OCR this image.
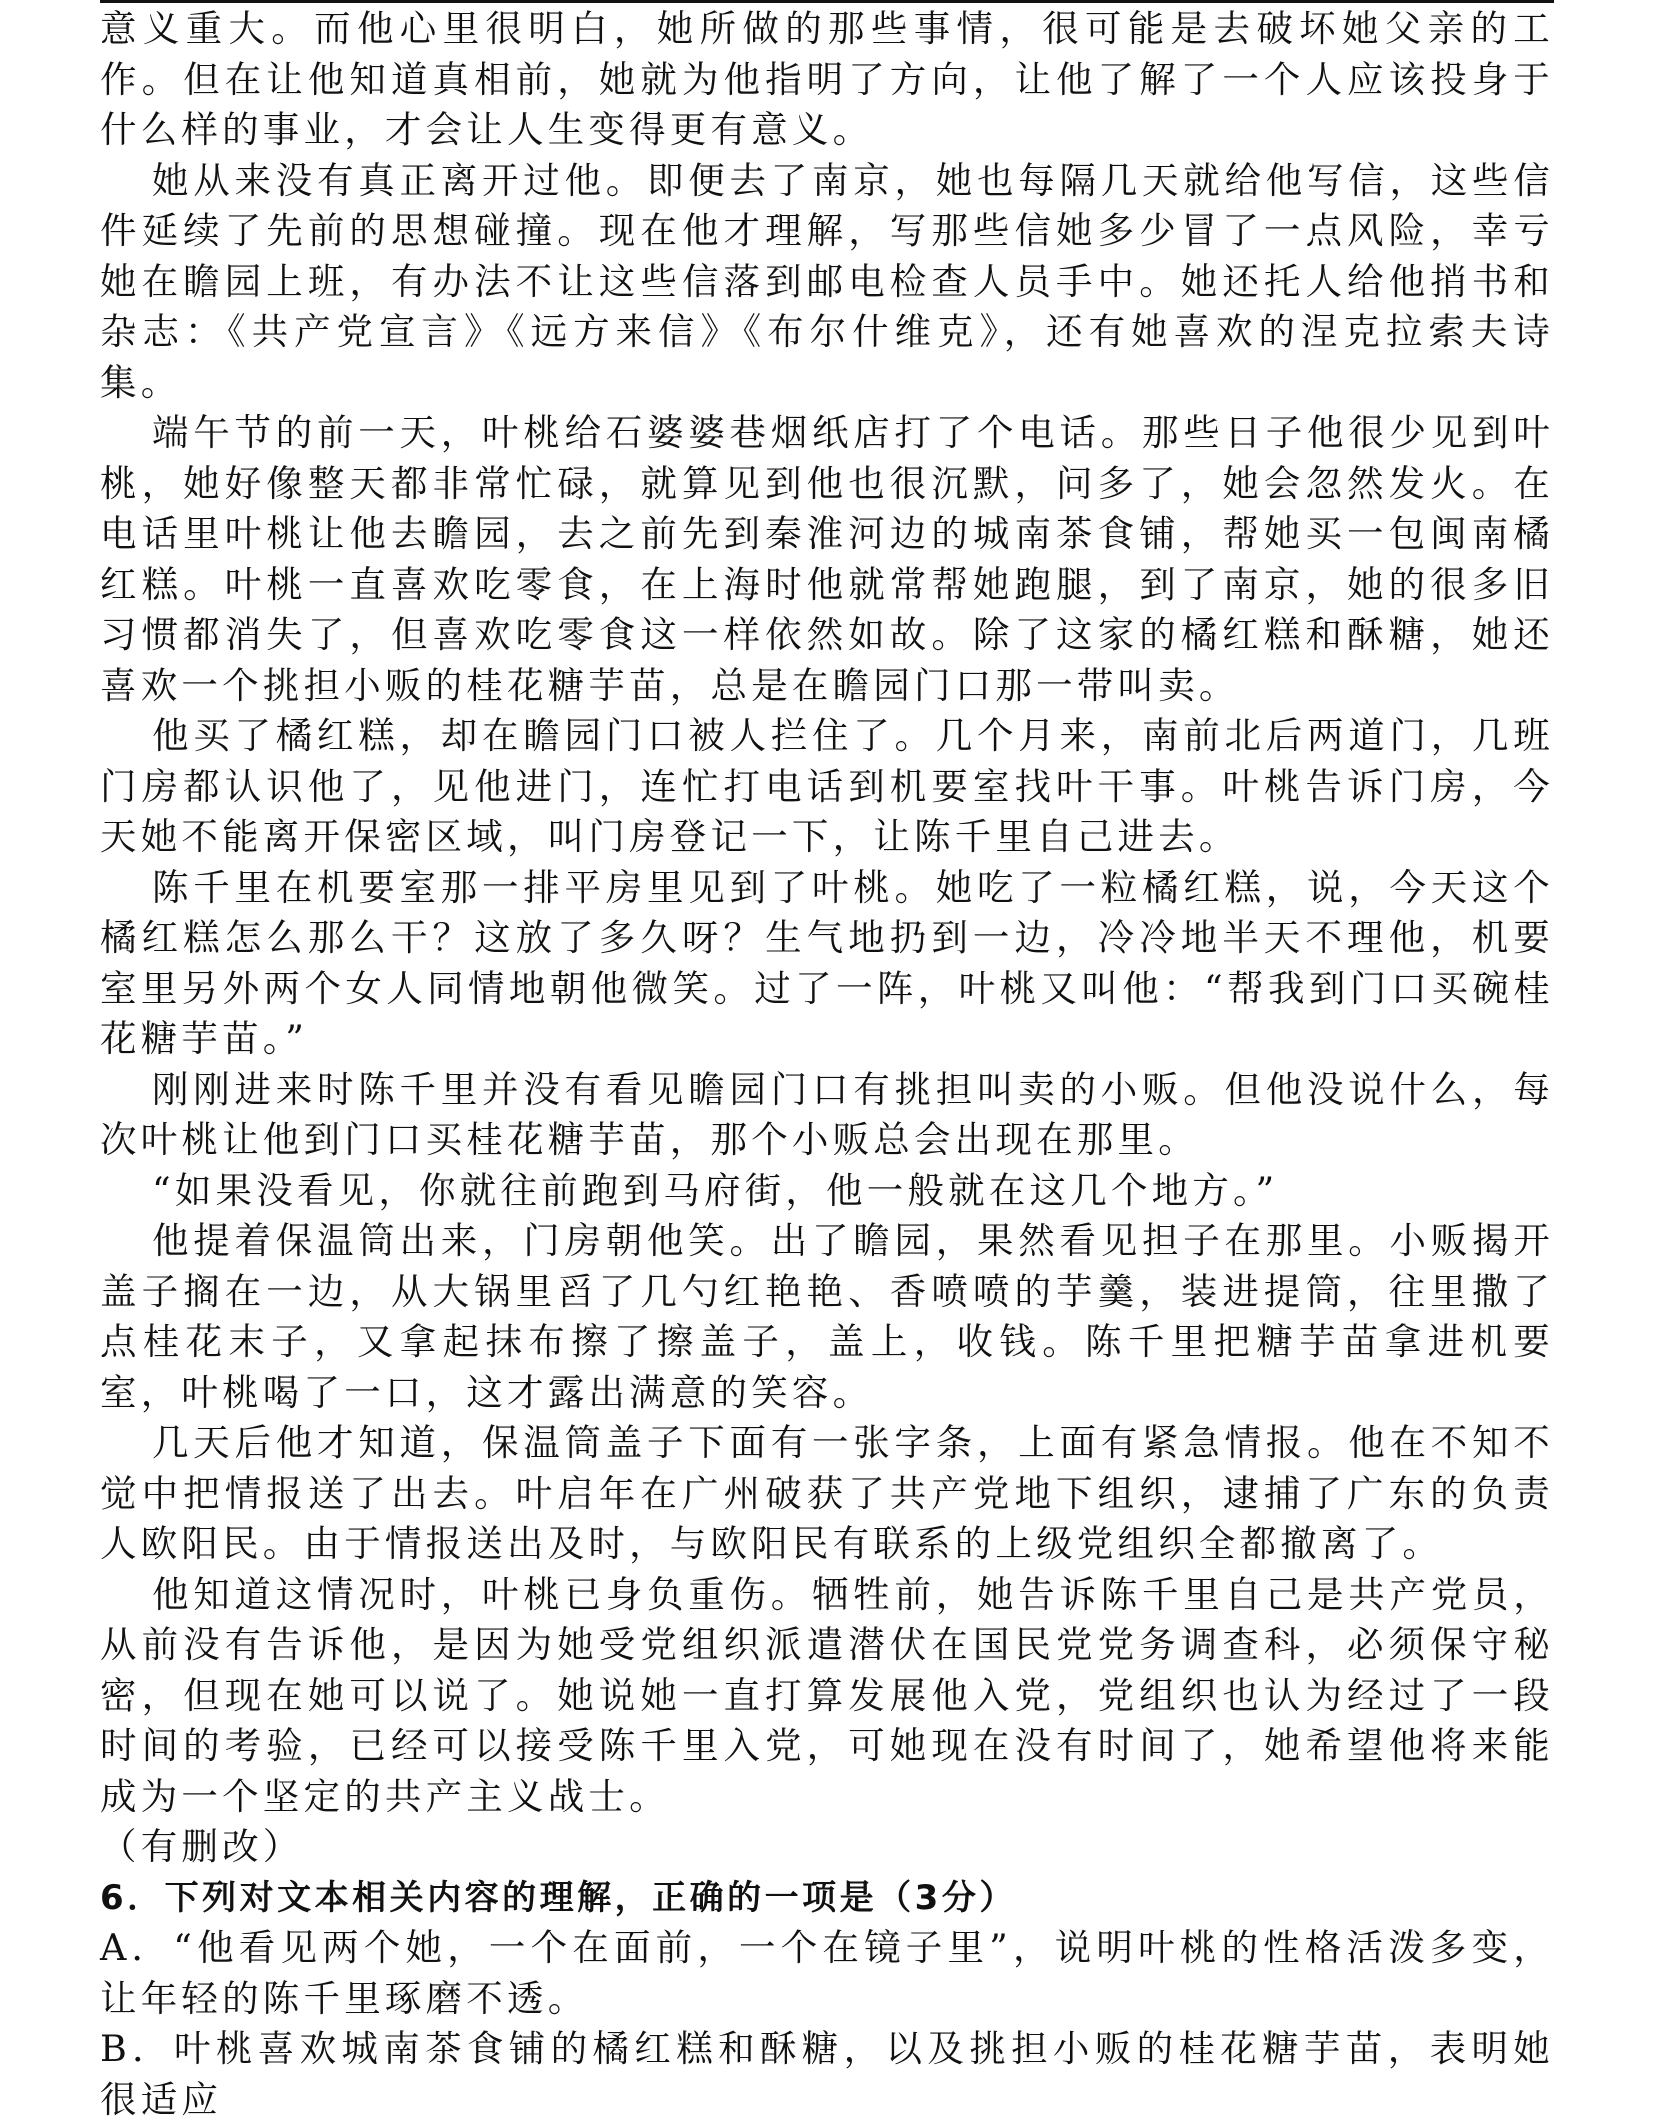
意义重大。而他心里很明白，她所做的那些事情，很可能是去破坏她父亲的工作。但在让他知道真相前，她就为他指明了方向，让他了解了一个人应该投身于什么样的事业，才会让人生变得更有意义。

她从来没有真正离开过他。即便去了南京，她也每隔几天就给他写信，这些信件延续了先前的思想碰撞。现在他才理解，写那些信她多少冒了一点风险，幸亏她在瞻园上班，有办法不让这些信落到邮电检查人员手中。她还托人给他捎书和杂志：《共产党宣言》《远方来信》《布尔什维克》，还有她喜欢的涅克拉索夫诗集。

端午节的前一天，叶桃给石婆婆巷烟纸店打了个电话。那些日子他很少见到叶桃，她好像整天都非常忙碌，就算见到他也很沉默，问多了，她会忽然发火。在电话里叶桃让他去瞻园，去之前先到秦淮河边的城南茶食铺，帮她买一包闽南橘红糕。叶桃一直喜欢吃零食，在上海时他就常帮她跑腿，到了南京，她的很多旧习惯都消失了，但喜欢吃零食这一样依然如故。除了这家的橘红糕和酥糖，她还喜欢一个挑担小贩的桂花糖芋苗，总是在瞻园门口那一带叫卖。

他买了橘红糕，却在瞻园门口被人拦住了。几个月来，南前北后两道门，几班门房都认识他了，见他进门，连忙打电话到机要室找叶干事。叶桃告诉门房，今天她不能离开保密区域，叫门房登记一下，让陈千里自己进去。

陈千里在机要室那一排平房里见到了叶桃。她吃了一粒橘红糕，说，今天这个橘红糕怎么那么干？这放了多久呀？生气地扔到一边，冷冷地半天不理他，机要室里另外两个女人同情地朝他微笑。过了一阵，叶桃又叫他：“帮我到门口买碗桂花糖芋苗。”

刚刚进来时陈千里并没有看见瞻园门口有挑担叫卖的小贩。但他没说什么，每次叶桃让他到门口买桂花糖芋苗，那个小贩总会出现在那里。

“如果没看见，你就往前跑到马府街，他一般就在这几个地方。”

他提着保温筒出来，门房朝他笑。出了瞻园，果然看见担子在那里。小贩揭开盖子搁在一边，从大锅里舀了几勺红艳艳、香喷喷的芋羹，装进提筒，往里撒了点桂花末子，又拿起抹布擦了擦盖子，盖上，收钱。陈千里把糖芋苗拿进机要室，叶桃喝了一口，这才露出满意的笑容。

几天后他才知道，保温筒盖子下面有一张字条，上面有紧急情报。他在不知不觉中把情报送了出去。叶启年在广州破获了共产党地下组织，逮捕了广东的负责人欧阳民。由于情报送出及时，与欧阳民有联系的上级党组织全都撤离了。

他知道这情况时，叶桃已身负重伤。牺牲前，她告诉陈千里自己是共产党员，从前没有告诉他，是因为她受党组织派遣潜伏在国民党党务调查科，必须保守秘密，但现在她可以说了。她说她一直打算发展他入党，党组织也认为经过了一段时间的考验，已经可以接受陈千里入党，可她现在没有时间了，她希望他将来能成为一个坚定的共产主义战士。

（有删改）

6．下列对文本相关内容的理解，正确的一项是（3分）

A．“他看见两个她，一个在面前，一个在镜子里”，说明叶桃的性格活泼多变，让年轻的陈千里琢磨不透。

B．叶桃喜欢城南茶食铺的橘红糕和酥糖，以及挑担小贩的桂花糖芋苗，表明她很适应
